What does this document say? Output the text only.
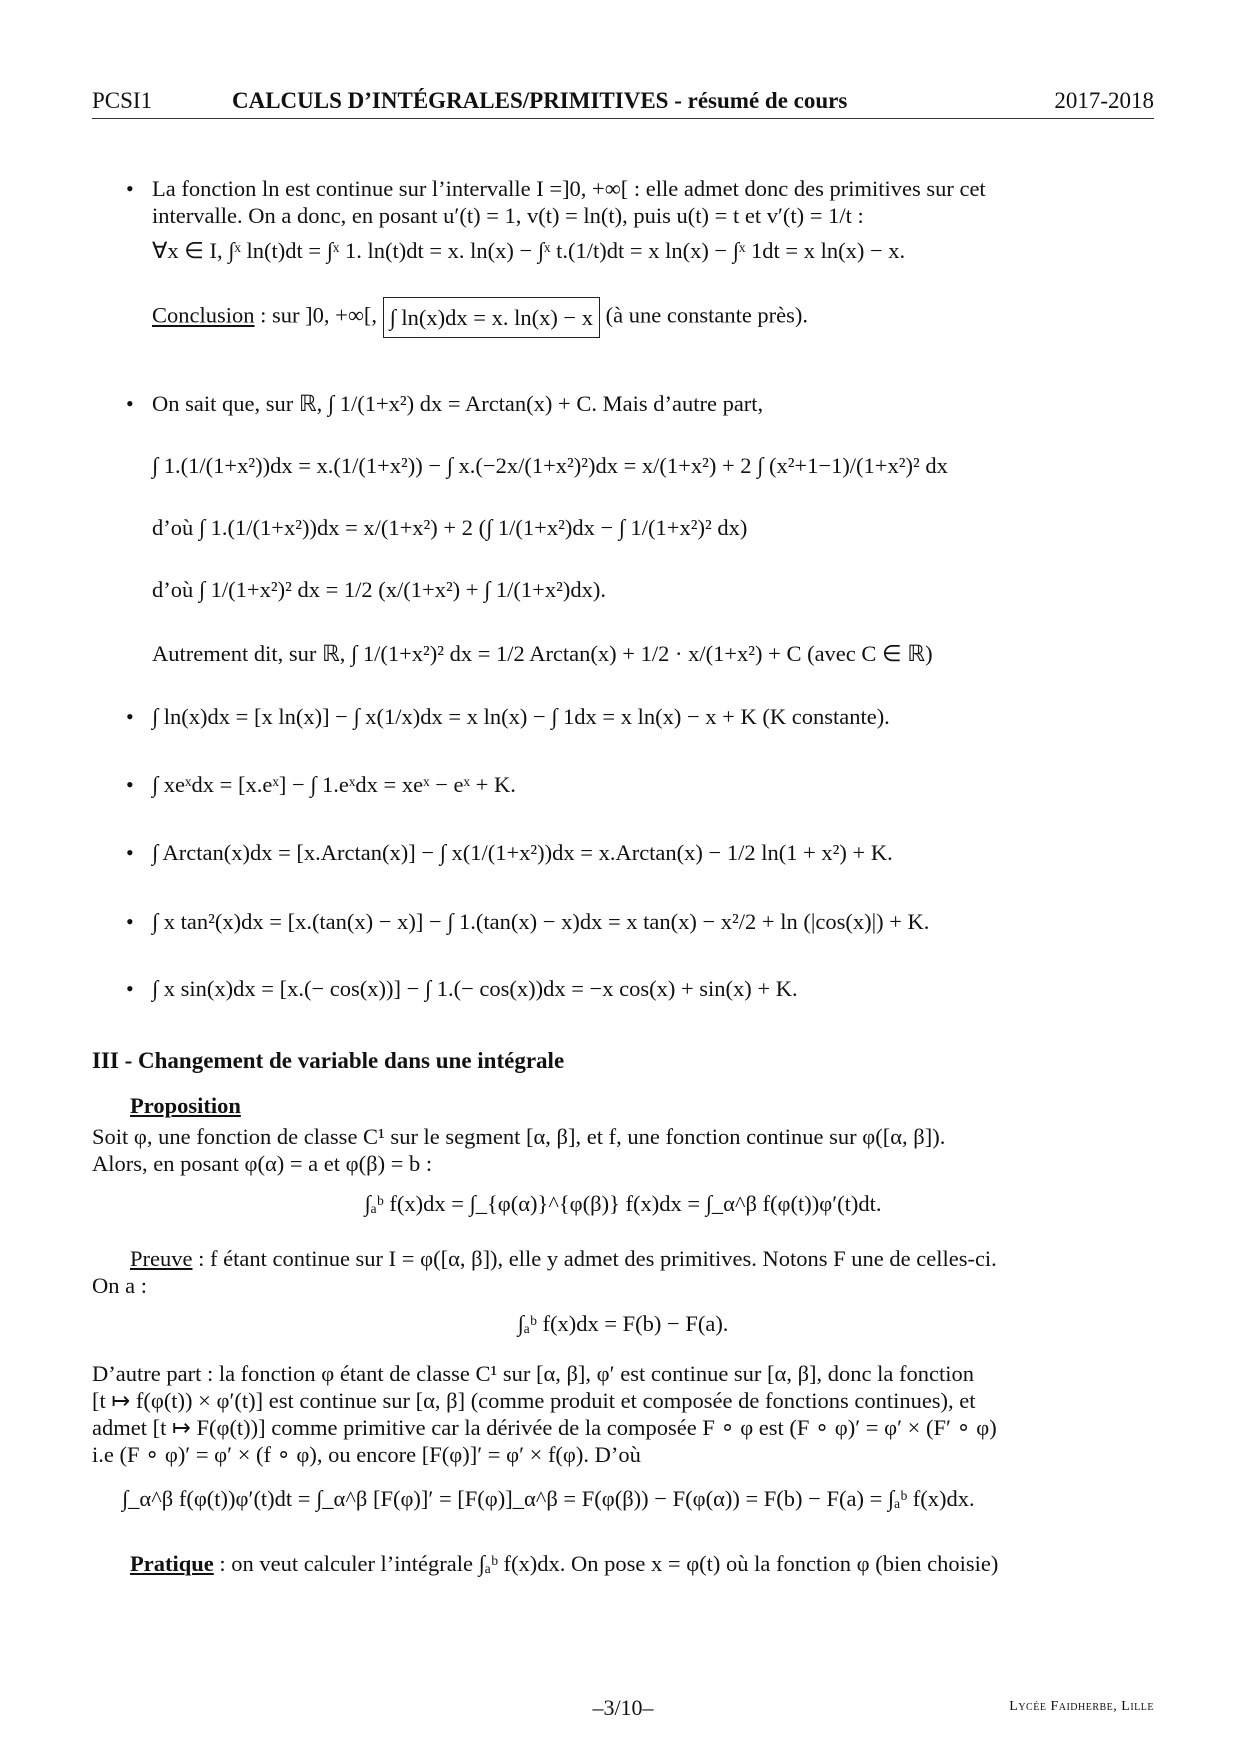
PCSI1	CALCULS D’INTÉGRALES/PRIMITIVES - résumé de cours	2017-2018
• La fonction ln est continue sur l’intervalle I =]0, +∞[ : elle admet donc des primitives sur cet
intervalle. On a donc, en posant u′(t) = 1, v(t) = ln(t), puis u(t) = t et v′(t) = 1/t :
∀x ∈ I, ∫ˣ ln(t)dt = ∫ˣ 1. ln(t)dt = x. ln(x) − ∫ˣ t.(1/t)dt = x ln(x) − ∫ˣ 1dt = x ln(x) − x.
Conclusion : sur ]0, +∞[, ∫ ln(x)dx = x. ln(x) − x (à une constante près).
• On sait que, sur ℝ, ∫ 1/(1+x²) dx = Arctan(x) + C. Mais d’autre part,
∫ 1.(1/(1+x²))dx = x.(1/(1+x²)) − ∫ x.(−2x/(1+x²)²)dx = x/(1+x²) + 2 ∫ (x²+1−1)/(1+x²)² dx
d’où ∫ 1.(1/(1+x²))dx = x/(1+x²) + 2 (∫ 1/(1+x²)dx − ∫ 1/(1+x²)² dx)
d’où ∫ 1/(1+x²)² dx = 1/2 (x/(1+x²) + ∫ 1/(1+x²)dx).
Autrement dit, sur ℝ, ∫ 1/(1+x²)² dx = 1/2 Arctan(x) + 1/2 · x/(1+x²) + C (avec C ∈ ℝ)
• ∫ ln(x)dx = [x ln(x)] − ∫ x(1/x)dx = x ln(x) − ∫ 1dx = x ln(x) − x + K (K constante).
• ∫ xeˣdx = [x.eˣ] − ∫ 1.eˣdx = xeˣ − eˣ + K.
• ∫ Arctan(x)dx = [x.Arctan(x)] − ∫ x(1/(1+x²))dx = x.Arctan(x) − 1/2 ln(1 + x²) + K.
• ∫ x tan²(x)dx = [x.(tan(x) − x)] − ∫ 1.(tan(x) − x)dx = x tan(x) − x²/2 + ln (|cos(x)|) + K.
• ∫ x sin(x)dx = [x.(− cos(x))] − ∫ 1.(− cos(x))dx = −x cos(x) + sin(x) + K.
III - Changement de variable dans une intégrale
Proposition
Soit φ, une fonction de classe C¹ sur le segment [α, β], et f, une fonction continue sur φ([α, β]).
Alors, en posant φ(α) = a et φ(β) = b :
∫ₐᵇ f(x)dx = ∫_{φ(α)}^{φ(β)} f(x)dx = ∫_α^β f(φ(t))φ′(t)dt.
Preuve : f étant continue sur I = φ([α, β]), elle y admet des primitives. Notons F une de celles-ci.
On a :
∫ₐᵇ f(x)dx = F(b) − F(a).
D’autre part : la fonction φ étant de classe C¹ sur [α, β], φ′ est continue sur [α, β], donc la fonction
[t ↦ f(φ(t)) × φ′(t)] est continue sur [α, β] (comme produit et composée de fonctions continues), et
admet [t ↦ F(φ(t))] comme primitive car la dérivée de la composée F ∘ φ est (F ∘ φ)′ = φ′ × (F′ ∘ φ)
i.e (F ∘ φ)′ = φ′ × (f ∘ φ), ou encore [F(φ)]′ = φ′ × f(φ). D’où
∫_α^β f(φ(t))φ′(t)dt = ∫_α^β [F(φ)]′ = [F(φ)]_α^β = F(φ(β)) − F(φ(α)) = F(b) − F(a) = ∫ₐᵇ f(x)dx.
Pratique : on veut calculer l’intégrale ∫ₐᵇ f(x)dx. On pose x = φ(t) où la fonction φ (bien choisie)
–3/10–	Lycée Faidherbe, Lille
